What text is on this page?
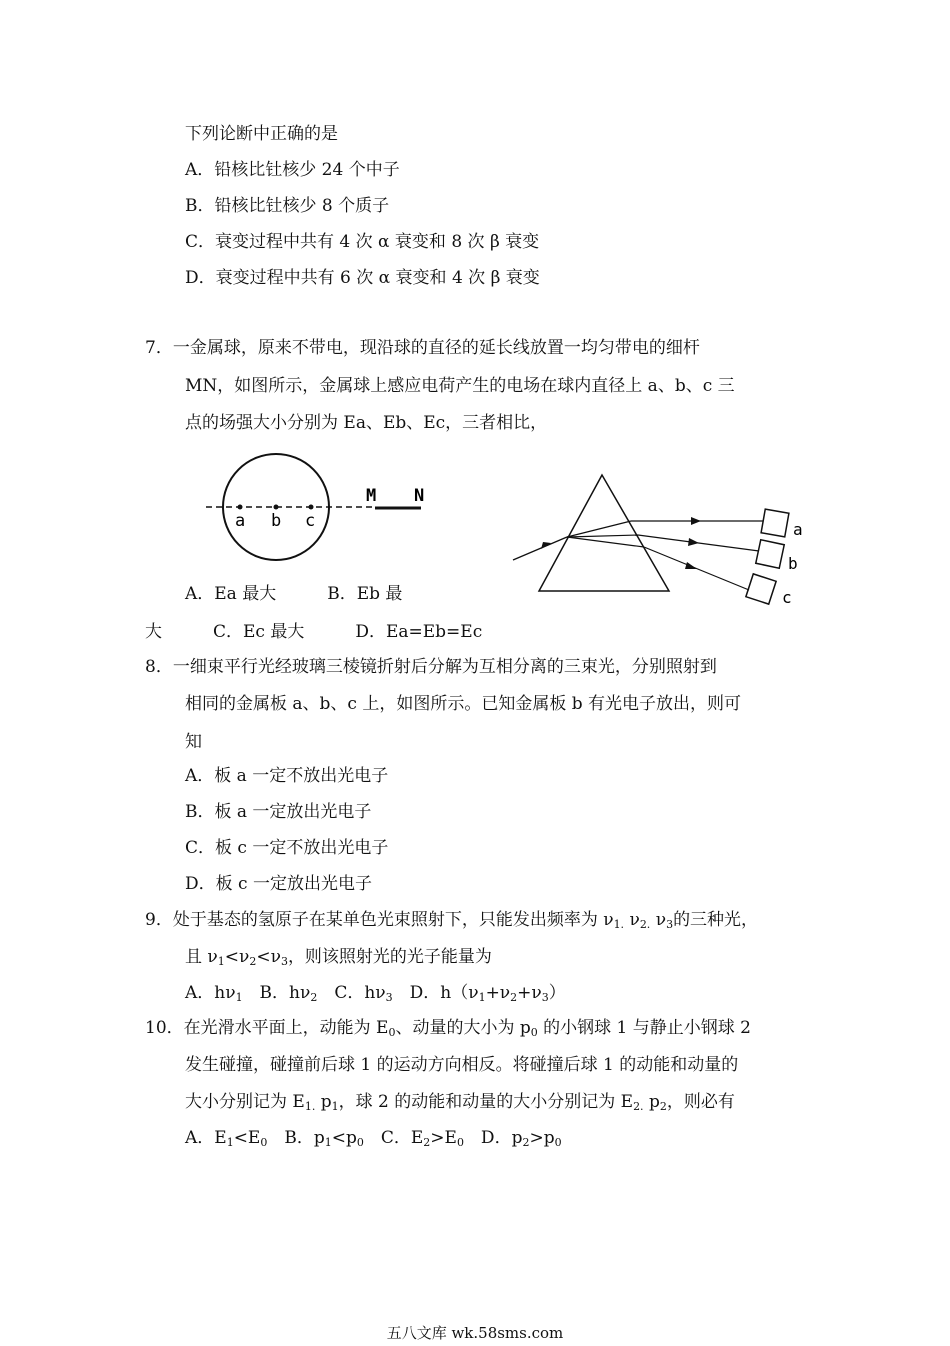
下列论断中正确的是
A．铅核比钍核少 24 个中子
B．铅核比钍核少 8 个质子
C．衰变过程中共有 4 次 α 衰变和 8 次 β 衰变
D．衰变过程中共有 6 次 α 衰变和 4 次 β 衰变
7．一金属球，原来不带电，现沿球的直径的延长线放置一均匀带电的细杆
MN，如图所示，金属球上感应电荷产生的电场在球内直径上 a、b、c 三
点的场强大小分别为 Ea、Eb、Ec，三者相比，
a b c
M N
a
b
c
A．Ea 最大　　　B．Eb 最
大　　　C．Ec 最大　　　D．Ea=Eb=Ec
8．一细束平行光经玻璃三棱镜折射后分解为互相分离的三束光，分别照射到
相同的金属板 a、b、c 上，如图所示。已知金属板 b 有光电子放出，则可
知
A．板 a 一定不放出光电子
B．板 a 一定放出光电子
C．板 c 一定不放出光电子
D．板 c 一定放出光电子
9．处于基态的氢原子在某单色光束照射下，只能发出频率为 $\nu_{1.}$ $\nu_{2.}$ $\nu_3$的三种光，
且 $\nu_1<\nu_2<\nu_3$，则该照射光的光子能量为
A．$h\nu_1$　B．$h\nu_2$　C．$h\nu_3$　D．$h(\nu_1+\nu_2+\nu_3)$
10．在光滑水平面上，动能为 $E_0$、动量的大小为 $p_0$ 的小钢球 1 与静止小钢球 2
发生碰撞，碰撞前后球 1 的运动方向相反。将碰撞后球 1 的动能和动量的
大小分别记为 $E_{1.}$ $p_1$，球 2 的动能和动量的大小分别记为 $E_{2.}$ $p_2$，则必有
A．$E_1<E_0$　B．$p_1<p_0$　C．$E_2>E_0$　D．$p_2>p_0$
五八文库 wk.58sms.com
